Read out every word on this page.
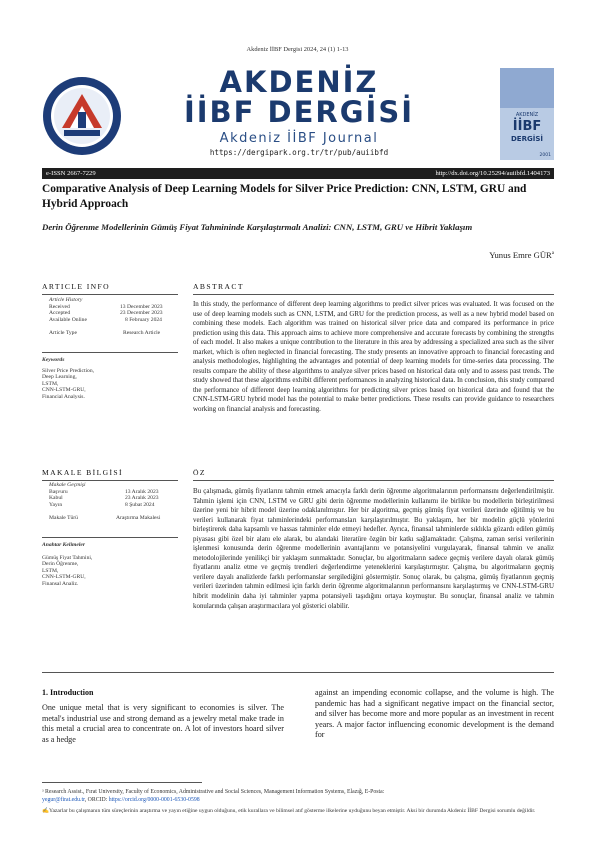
Akdeniz İİBF Dergisi 2024, 24 (1) 1-13
AKDENİZ
İİBF DERGİSİ
Akdeniz İİBF Journal
https://dergipark.org.tr/tr/pub/auiibfd
AKDENİZ
İİBF
DERGİSİ
2001
e-ISSN 2667-7229	http://dx.doi.org/10.25294/auiibfd.1404173
Comparative Analysis of Deep Learning Models for Silver Price Prediction: CNN, LSTM, GRU and Hybrid Approach
Derin Öğrenme Modellerinin Gümüş Fiyat Tahmininde Karşılaştırmalı Analizi: CNN, LSTM, GRU ve Hibrit Yaklaşım
Yunus Emre GÜR$^a$
ARTICLE INFO
Article History
Received	13 December 2023
Accepted	23 December 2023
Available Online	8 February 2024
Article Type	Research Article
Keywords
Silver Price Prediction,
Deep Learning,
LSTM,
CNN-LSTM-GRU,
Financial Analysis.
ABSTRACT
In this study, the performance of different deep learning algorithms to predict silver prices was evaluated. It was focused on the use of deep learning models such as CNN, LSTM, and GRU for the prediction process, as well as a new hybrid model based on combining these models. Each algorithm was trained on historical silver price data and compared its performance in price prediction using this data. This approach aims to achieve more comprehensive and accurate forecasts by combining the strengths of each model. It also makes a unique contribution to the literature in this area by addressing a specialized area such as the silver market, which is often neglected in financial forecasting. The study presents an innovative approach to financial forecasting and analysis methodologies, highlighting the advantages and potential of deep learning models for time-series data processing. The results compare the ability of these algorithms to analyze silver prices based on historical data only and to assess past trends. The study showed that these algorithms exhibit different performances in analyzing historical data. In conclusion, this study compared the performance of different deep learning algorithms for predicting silver prices based on historical data and found that the CNN-LSTM-GRU hybrid model has the potential to make better predictions. These results can provide guidance to researchers working on financial analysis and forecasting.
MAKALE BİLGİSİ
Makale Geçmişi
Başvuru	13 Aralık 2023
Kabul	23 Aralık 2023
Yayın	8 Şubat 2024
Makale Türü	Araştırma Makalesi
Anahtar Kelimeler
Gümüş Fiyat Tahmini,
Derin Öğrenme,
LSTM,
CNN-LSTM-GRU,
Finansal Analiz.
ÖZ
Bu çalışmada, gümüş fiyatlarını tahmin etmek amacıyla farklı derin öğrenme algoritmalarının performansını değerlendirilmiştir. Tahmin işlemi için CNN, LSTM ve GRU gibi derin öğrenme modellerinin kullanımı ile birlikte bu modellerin birleştirilmesi üzerine yeni bir hibrit model üzerine odaklanılmıştır. Her bir algoritma, geçmiş gümüş fiyat verileri üzerinde eğitilmiş ve bu verileri kullanarak fiyat tahminlerindeki performansları karşılaştırılmıştır. Bu yaklaşım, her bir modelin güçlü yönlerini birleştirerek daha kapsamlı ve hassas tahminler elde etmeyi hedefler. Ayrıca, finansal tahminlerde sıklıkla gözardı edilen gümüş piyasası gibi özel bir alanı ele alarak, bu alandaki literatüre özgün bir katkı sağlamaktadır. Çalışma, zaman serisi verilerinin işlenmesi konusunda derin öğrenme modellerinin avantajlarını ve potansiyelini vurgulayarak, finansal tahmin ve analiz metodolojilerinde yenilikçi bir yaklaşım sunmaktadır. Sonuçlar, bu algoritmaların sadece geçmiş verilere dayalı olarak gümüş fiyatlarını analiz etme ve geçmiş trendleri değerlendirme yeteneklerini karşılaştırmıştır. Çalışma, bu algoritmaların geçmiş verilere dayalı analizlerde farklı performanslar sergilediğini göstermiştir. Sonuç olarak, bu çalışma, gümüş fiyatlarının geçmiş verileri üzerinden tahmin edilmesi için farklı derin öğrenme algoritmalarının performansını karşılaştırmış ve CNN-LSTM-GRU hibrit modelinin daha iyi tahminler yapma potansiyeli taşıdığını ortaya koymuştur. Bu sonuçlar, finansal analiz ve tahmin konularında çalışan araştırmacılara yol gösterici olabilir.
1. Introduction
One unique metal that is very significant to economies is silver. The metal's industrial use and strong demand as a jewelry metal make trade in this metal a crucial area to concentrate on. A lot of investors hoard silver as a hedge
against an impending economic collapse, and the volume is high. The pandemic has had a significant negative impact on the financial sector, and silver has become more and more popular as an investment in recent years. A major factor influencing economic development is the demand for
ᵃ Research Assist., Fırat University, Faculty of Economics, Administrative and Social Sciences, Management Information Systems, Elazığ, E-Posta:
yegur@firat.edu.tr, ORCID: https://orcid.org/0000-0001-6530-0598
✍Yazarlar bu çalışmanın tüm süreçlerinin araştırma ve yayın etiğine uygun olduğunu, etik kurallara ve bilimsel atıf gösterme ilkelerine uyduğunu beyan etmiştir. Aksi bir durumda Akdeniz İİBF Dergisi sorumlu değildir.
